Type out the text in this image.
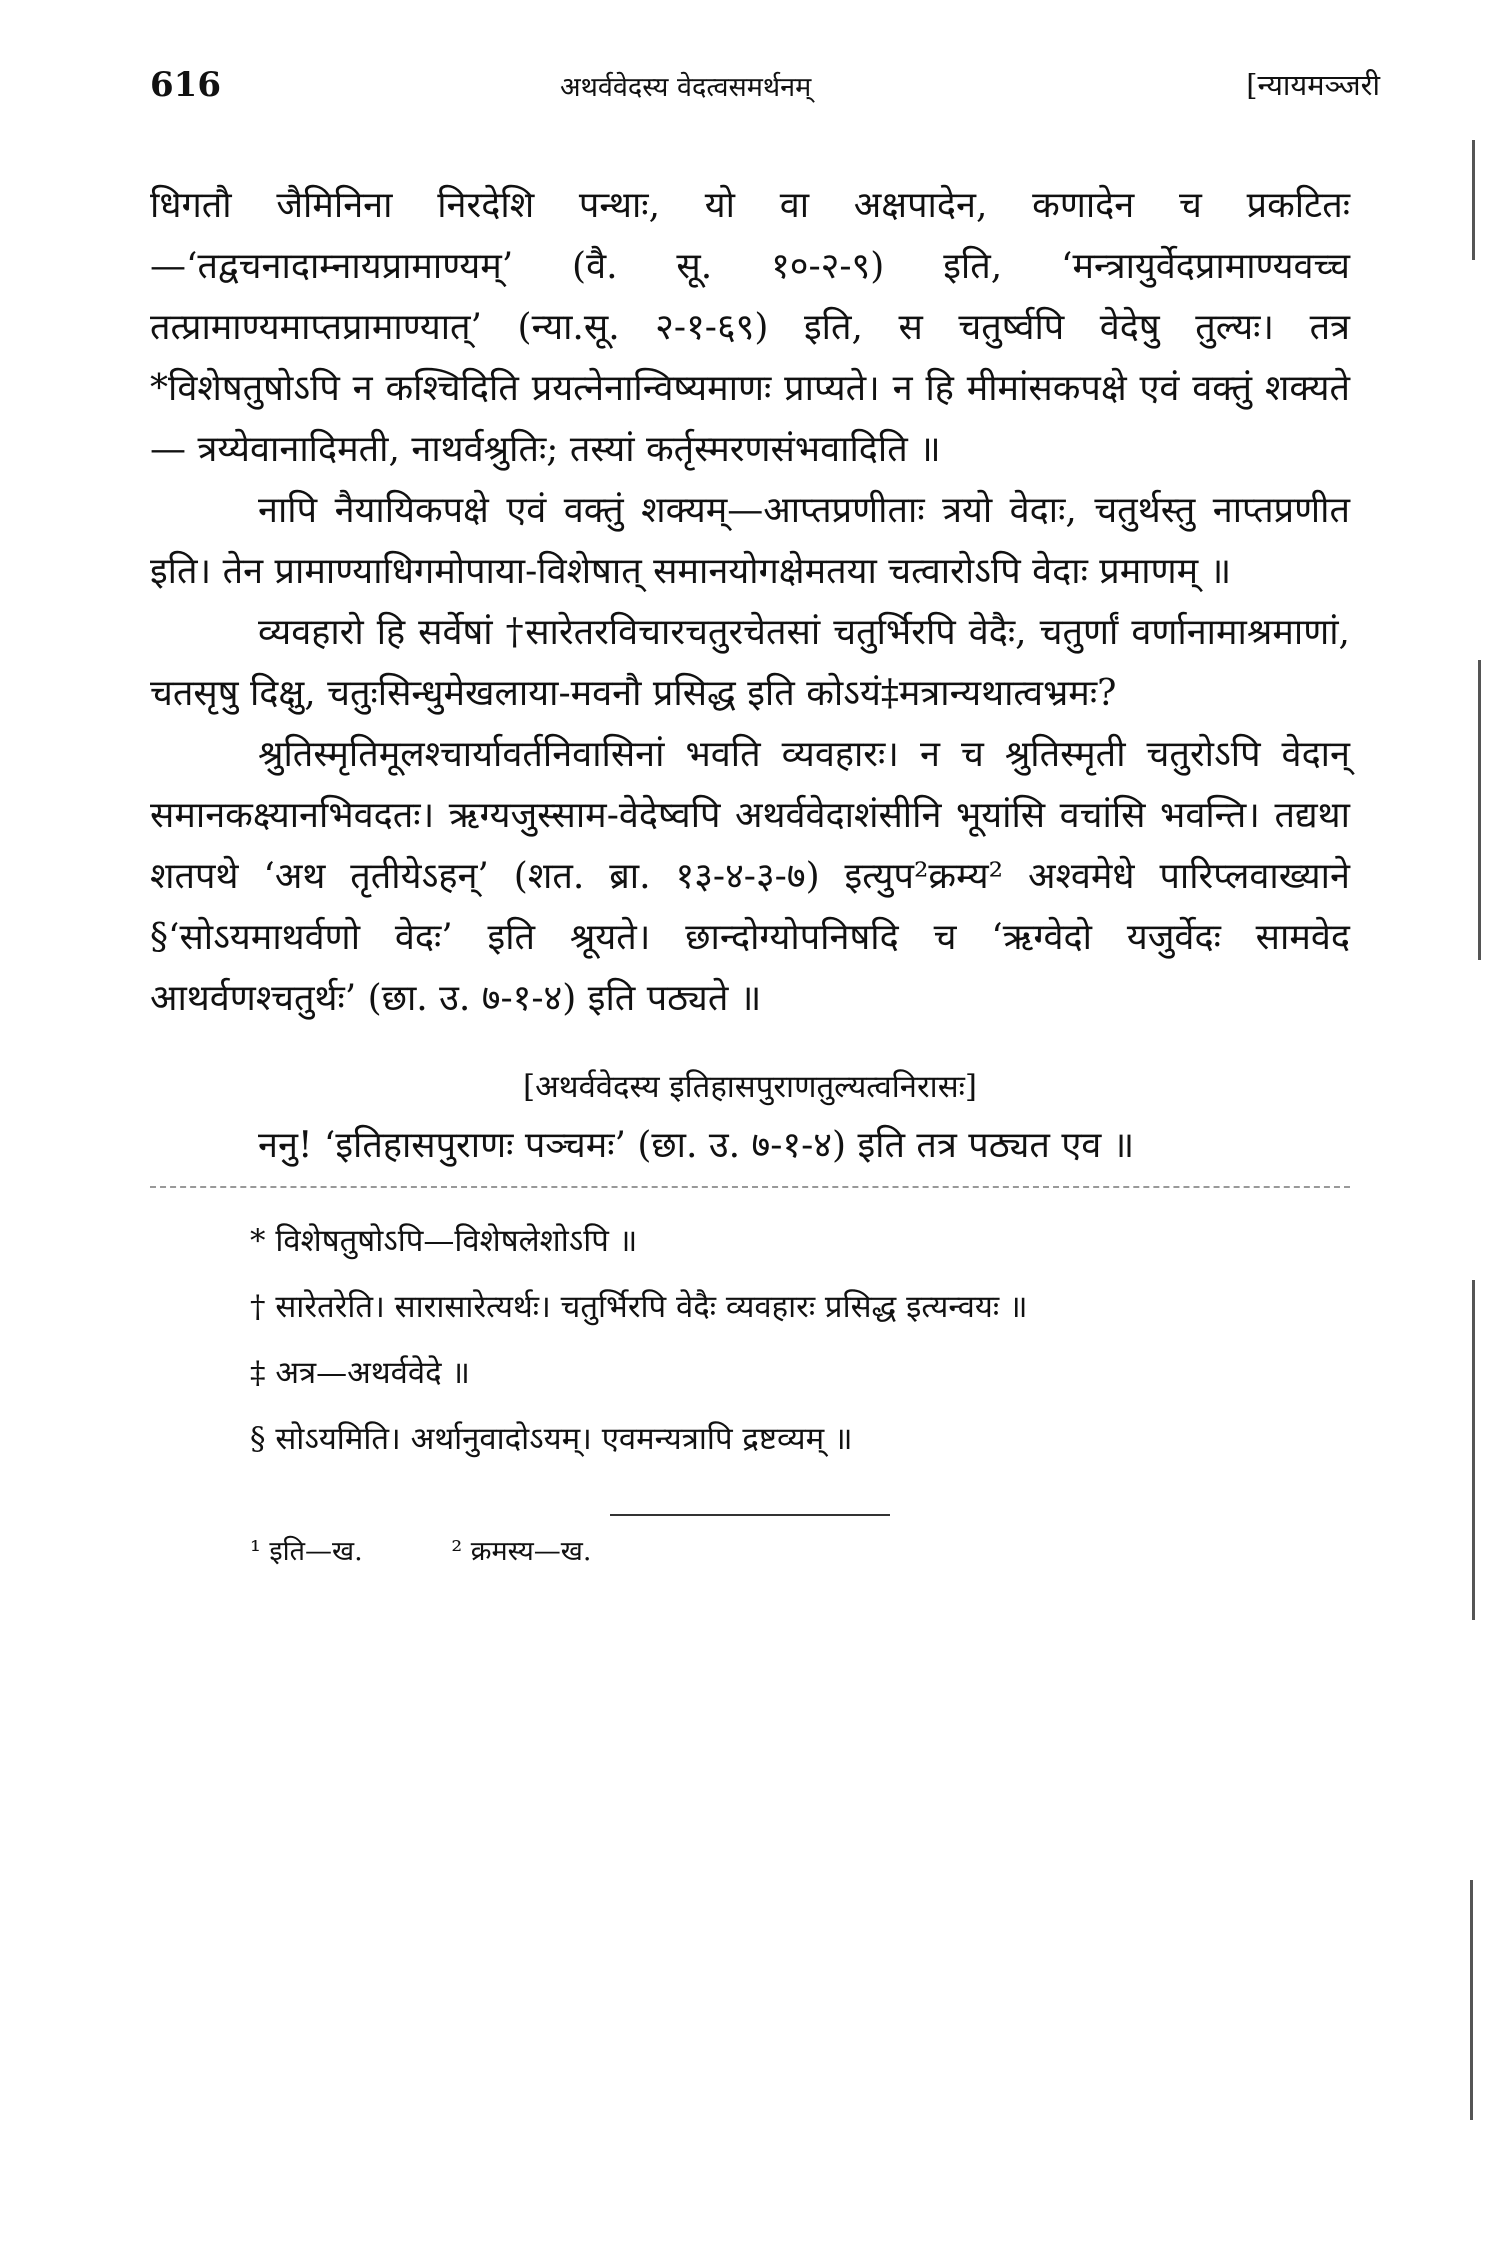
616	अथर्ववेदस्य वेदत्वसमर्थनम्	[न्यायमञ्जरी

धिगतौ जैमिनिना निरदेशि पन्थाः, यो वा अक्षपादेन, कणादेन च प्रकटितः—‘तद्वचनादाम्नायप्रामाण्यम्’ (वै. सू. १०-२-९) इति, ‘मन्त्रायुर्वेदप्रामाण्यवच्च तत्प्रामाण्यमाप्तप्रामाण्यात्’ (न्या.सू. २-१-६९) इति, स चतुर्ष्वपि वेदेषु तुल्यः। तत्र *विशेषतुषोऽपि न कश्चिदिति प्रयत्नेनान्विष्यमाणः प्राप्यते। न हि मीमांसकपक्षे एवं वक्तुं शक्यते— त्रय्येवानादिमती, नाथर्वश्रुतिः; तस्यां कर्तृस्मरणसंभवादिति ॥

नापि नैयायिकपक्षे एवं वक्तुं शक्यम्—आप्तप्रणीताः त्रयो वेदाः, चतुर्थस्तु नाप्तप्रणीत इति। तेन प्रामाण्याधिगमोपाया-विशेषात् समानयोगक्षेमतया चत्वारोऽपि वेदाः प्रमाणम् ॥

व्यवहारो हि सर्वेषां †सारेतरविचारचतुरचेतसां चतुर्भिरपि वेदैः, चतुर्णां वर्णानामाश्रमाणां, चतसृषु दिक्षु, चतुःसिन्धुमेखलाया-मवनौ प्रसिद्ध इति कोऽयं‡मत्रान्यथात्वभ्रमः?

श्रुतिस्मृतिमूलश्चार्यावर्तनिवासिनां भवति व्यवहारः। न च श्रुतिस्मृती चतुरोऽपि वेदान् समानकक्ष्यानभिवदतः। ऋग्यजुस्साम-वेदेष्वपि अथर्ववेदाशंसीनि भूयांसि वचांसि भवन्ति। तद्यथा शतपथे ‘अथ तृतीयेऽहन्’ (शत. ब्रा. १३-४-३-७) इत्युप²क्रम्य² अश्वमेधे पारिप्लवाख्याने §‘सोऽयमाथर्वणो वेदः’ इति श्रूयते। छान्दोग्योपनिषदि च ‘ऋग्वेदो यजुर्वेदः सामवेद आथर्वणश्चतुर्थः’ (छा. उ. ७-१-४) इति पठ्यते ॥

[अथर्ववेदस्य इतिहासपुराणतुल्यत्वनिरासः]

ननु! ‘इतिहासपुराणः पञ्चमः’ (छा. उ. ७-१-४) इति तत्र पठ्यत एव ॥

* विशेषतुषोऽपि—विशेषलेशोऽपि ॥
† सारेतरेति। सारासारेत्यर्थः। चतुर्भिरपि वेदैः व्यवहारः प्रसिद्ध इत्यन्वयः ॥
‡ अत्र—अथर्ववेदे ॥
§ सोऽयमिति। अर्थानुवादोऽयम्। एवमन्यत्रापि द्रष्टव्यम् ॥
¹ इति—ख.	² क्रमस्य—ख.
